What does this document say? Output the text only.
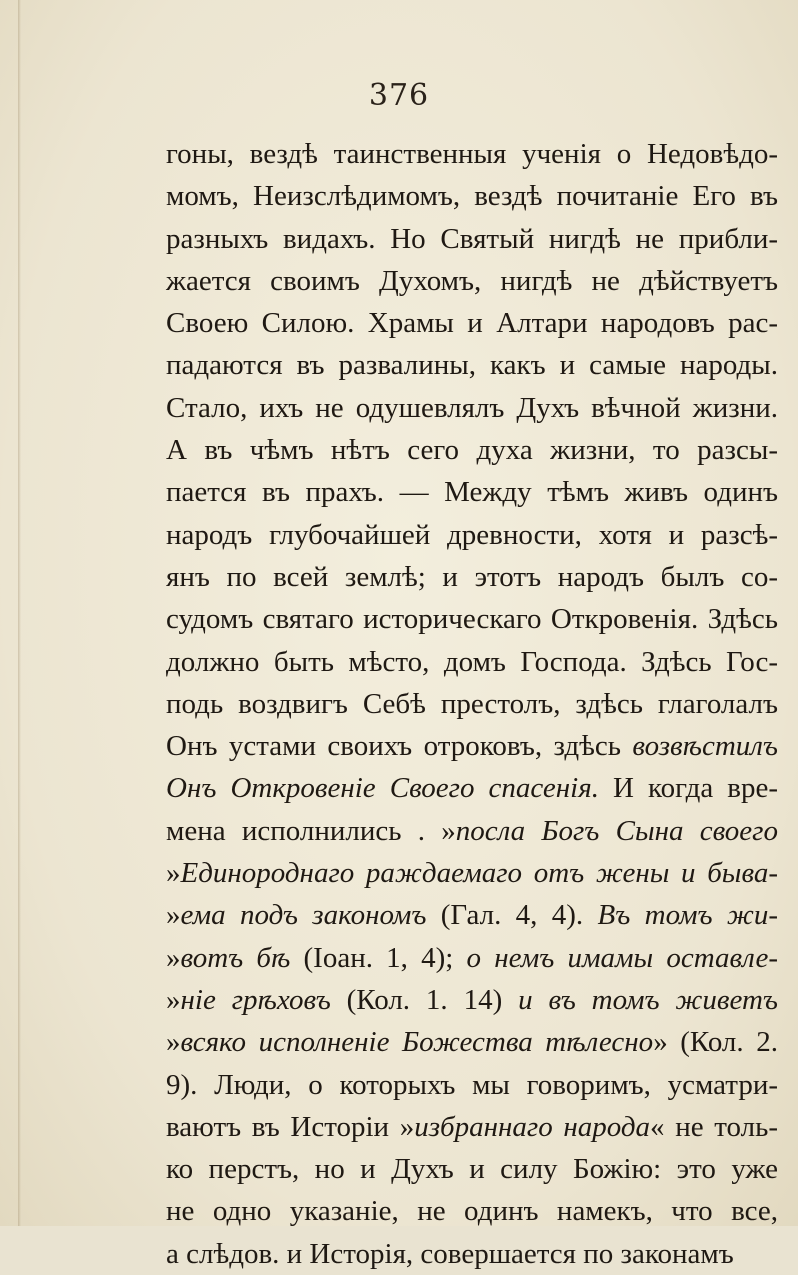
376
гоны, вездѣ таинственныя ученія о Недовѣдо-
момъ, Неизслѣдимомъ, вездѣ почитаніе Его въ
разныхъ видахъ. Но Святый нигдѣ не прибли-
жается своимъ Духомъ, нигдѣ не дѣйствуетъ
Своею Силою. Храмы и Алтари народовъ рас-
падаются въ развалины, какъ и самые народы.
Стало, ихъ не одушевлялъ Духъ вѣчной жизни.
А въ чѣмъ нѣтъ сего духа жизни, то разсы-
пается въ прахъ. — Между тѣмъ живъ одинъ
народъ глубочайшей древности, хотя и разсѣ-
янъ по всей землѣ; и этотъ народъ былъ со-
судомъ святаго историческаго Откровенія. Здѣсь
должно быть мѣсто, домъ Господа. Здѣсь Гос-
подь воздвигъ Себѣ престолъ, здѣсь глаголалъ
Онъ устами своихъ отроковъ, здѣсь возвѣстилъ
Онъ Откровеніе Своего спасенія. И когда вре-
мена исполнились . »посла Богъ Сына своего
»Единороднаго раждаемаго отъ жены и быва-
»ема подъ закономъ (Гал. 4, 4). Въ томъ жи-
»вотъ бѣ (Іоан. 1, 4); о немъ имамы оставле-
»ніе грѣховъ (Кол. 1. 14) и въ томъ живетъ
»всяко исполненіе Божества тѣлесно» (Кол. 2.
9). Люди, о которыхъ мы говоримъ, усматри-
ваютъ въ Исторіи »избраннаго народа« не толь-
ко перстъ, но и Духъ и силу Божію: это уже
не одно указаніе, не одинъ намекъ, что все,
а слѣдов. и Исторія, совершается по законамъ
